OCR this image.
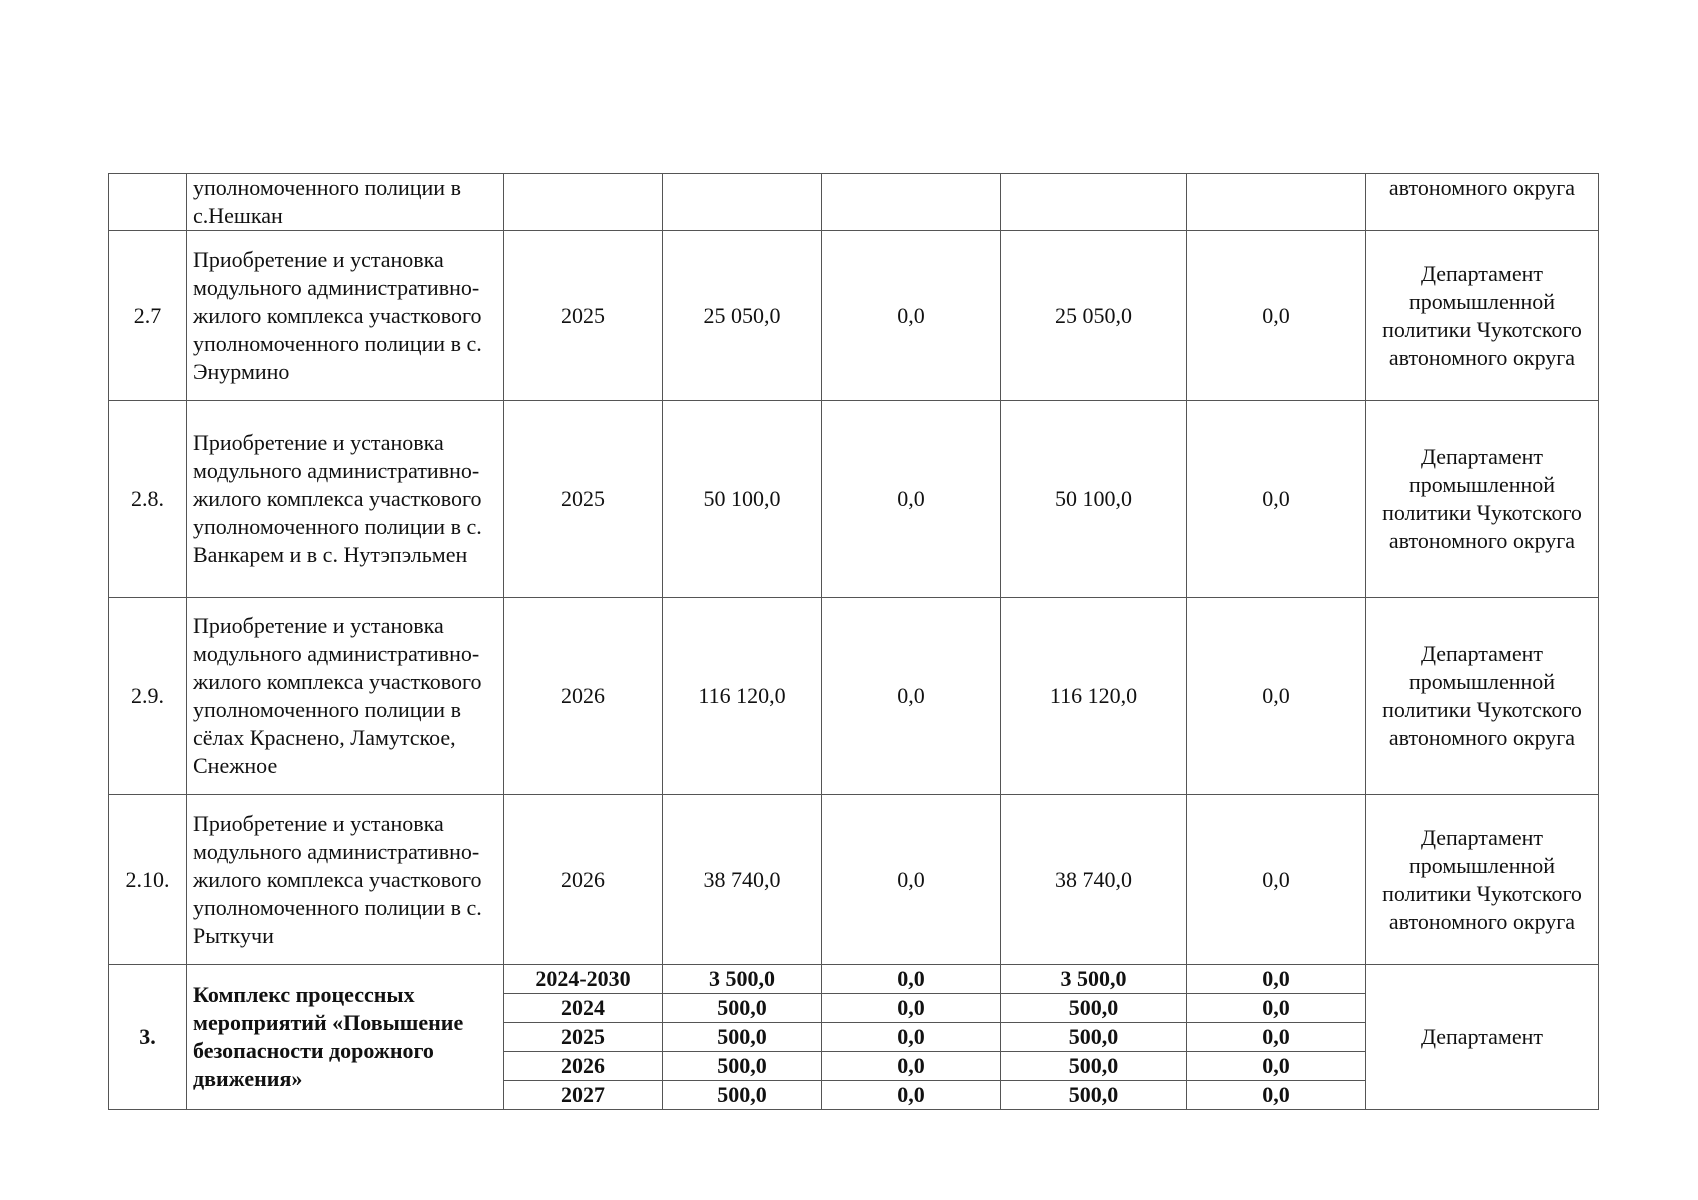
	уполномоченного полиции в с.Нешкан						автономного округа
2.7	Приобретение и установка модульного административно-жилого комплекса участкового уполномоченного полиции в с. Энурмино	2025	25 050,0	0,0	25 050,0	0,0	Департамент промышленной политики Чукотского автономного округа
2.8.	Приобретение и установка модульного административно-жилого комплекса участкового уполномоченного полиции в с. Ванкарем и в с. Нутэпэльмен	2025	50 100,0	0,0	50 100,0	0,0	Департамент промышленной политики Чукотского автономного округа
2.9.	Приобретение и установка модульного административно-жилого комплекса участкового уполномоченного полиции в сёлах Краснено, Ламутское, Снежное	2026	116 120,0	0,0	116 120,0	0,0	Департамент промышленной политики Чукотского автономного округа
2.10.	Приобретение и установка модульного административно-жилого комплекса участкового уполномоченного полиции в с. Рыткучи	2026	38 740,0	0,0	38 740,0	0,0	Департамент промышленной политики Чукотского автономного округа
3.	Комплекс процессных мероприятий «Повышение безопасности дорожного движения»	2024-2030	3 500,0	0,0	3 500,0	0,0	Департамент
		2024	500,0	0,0	500,0	0,0	
		2025	500,0	0,0	500,0	0,0	
		2026	500,0	0,0	500,0	0,0	
		2027	500,0	0,0	500,0	0,0	
